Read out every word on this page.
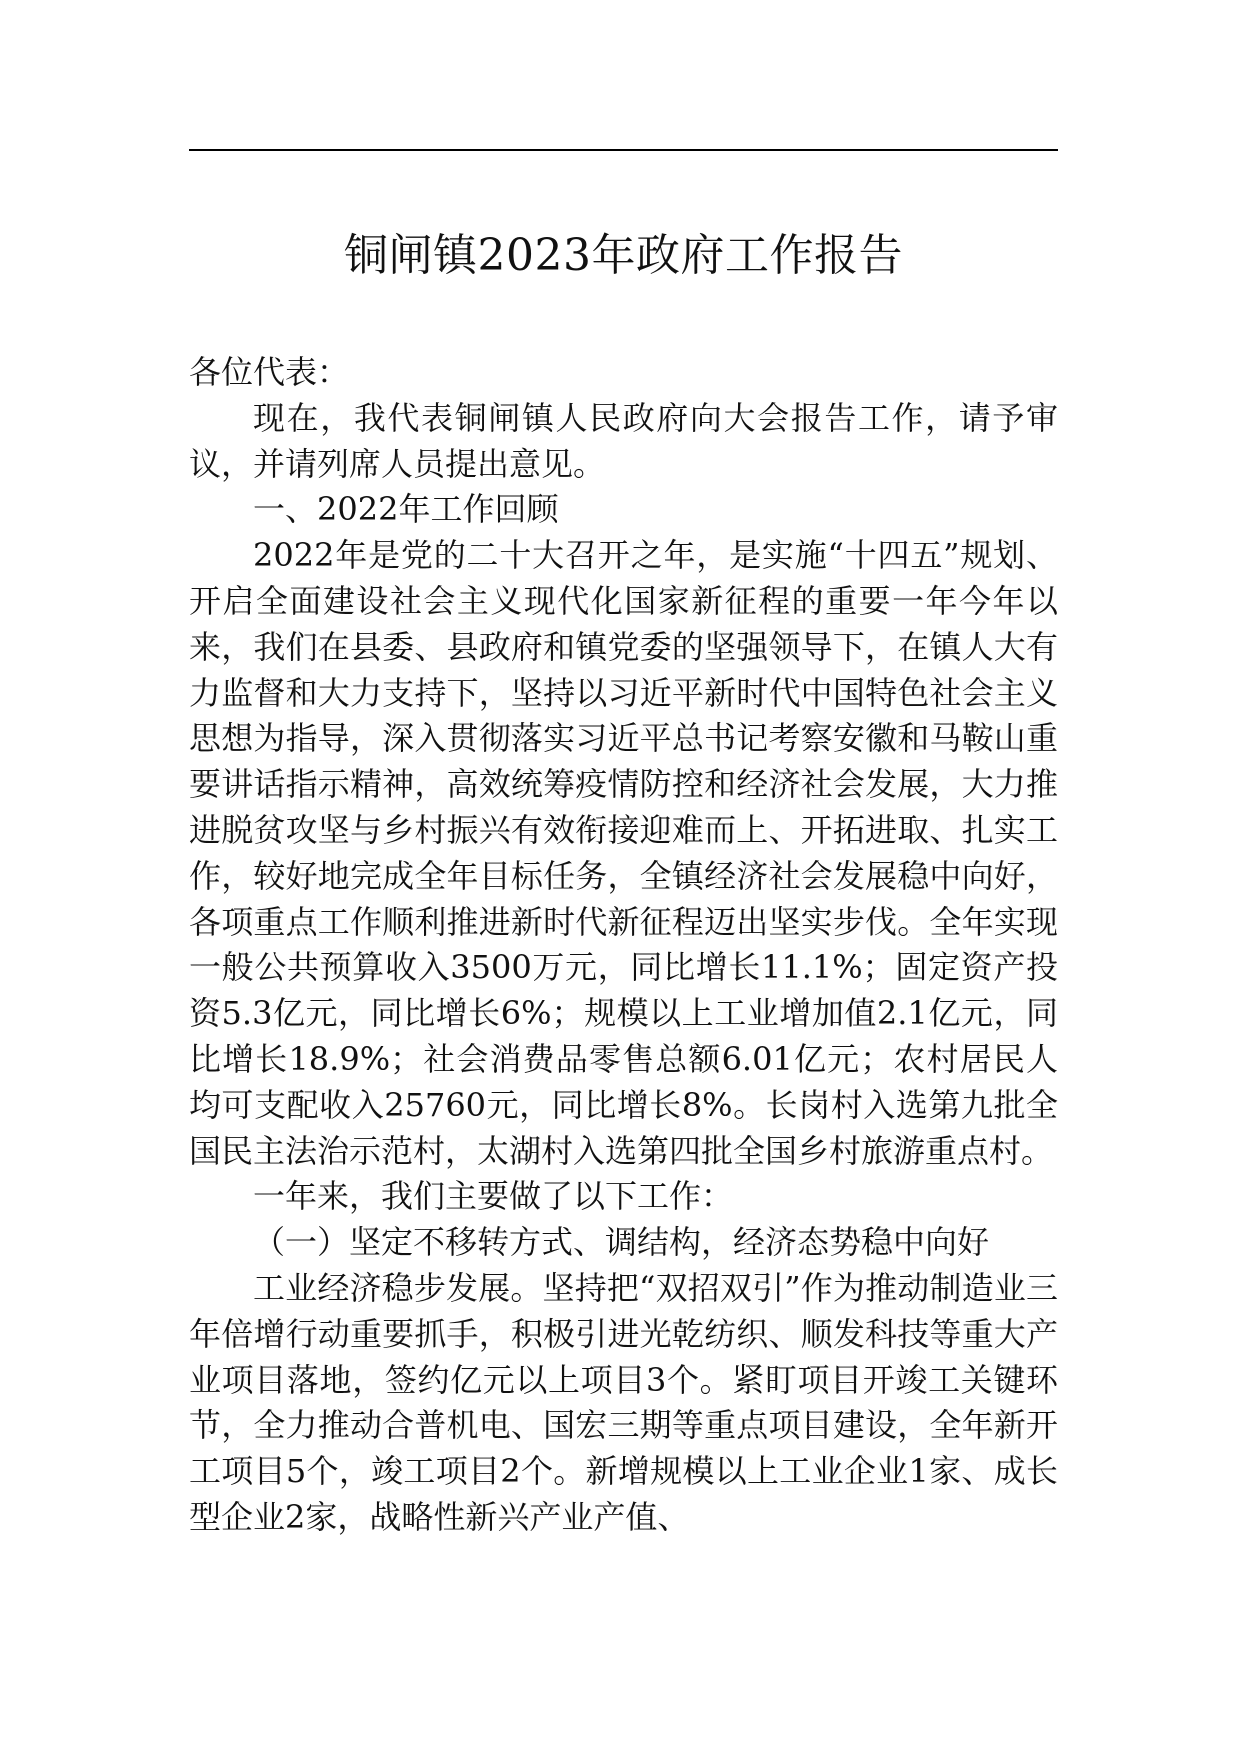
铜闸镇2023年政府工作报告

各位代表：

现在，我代表铜闸镇人民政府向大会报告工作，请予审议，并请列席人员提出意见。

一、2022年工作回顾

2022年是党的二十大召开之年，是实施“十四五”规划、开启全面建设社会主义现代化国家新征程的重要一年今年以来，我们在县委、县政府和镇党委的坚强领导下，在镇人大有力监督和大力支持下，坚持以习近平新时代中国特色社会主义思想为指导，深入贯彻落实习近平总书记考察安徽和马鞍山重要讲话指示精神，高效统筹疫情防控和经济社会发展，大力推进脱贫攻坚与乡村振兴有效衔接迎难而上、开拓进取、扎实工作，较好地完成全年目标任务，全镇经济社会发展稳中向好，各项重点工作顺利推进新时代新征程迈出坚实步伐。全年实现一般公共预算收入3500万元，同比增长11.1%；固定资产投资5.3亿元，同比增长6%；规模以上工业增加值2.1亿元，同比增长18.9%；社会消费品零售总额6.01亿元；农村居民人均可支配收入25760元，同比增长8%。长岗村入选第九批全国民主法治示范村，太湖村入选第四批全国乡村旅游重点村。

一年来，我们主要做了以下工作：

（一）坚定不移转方式、调结构，经济态势稳中向好

工业经济稳步发展。坚持把“双招双引”作为推动制造业三年倍增行动重要抓手，积极引进光乾纺织、顺发科技等重大产业项目落地，签约亿元以上项目3个。紧盯项目开竣工关键环节，全力推动合普机电、国宏三期等重点项目建设，全年新开工项目5个，竣工项目2个。新增规模以上工业企业1家、成长型企业2家，战略性新兴产业产值、
